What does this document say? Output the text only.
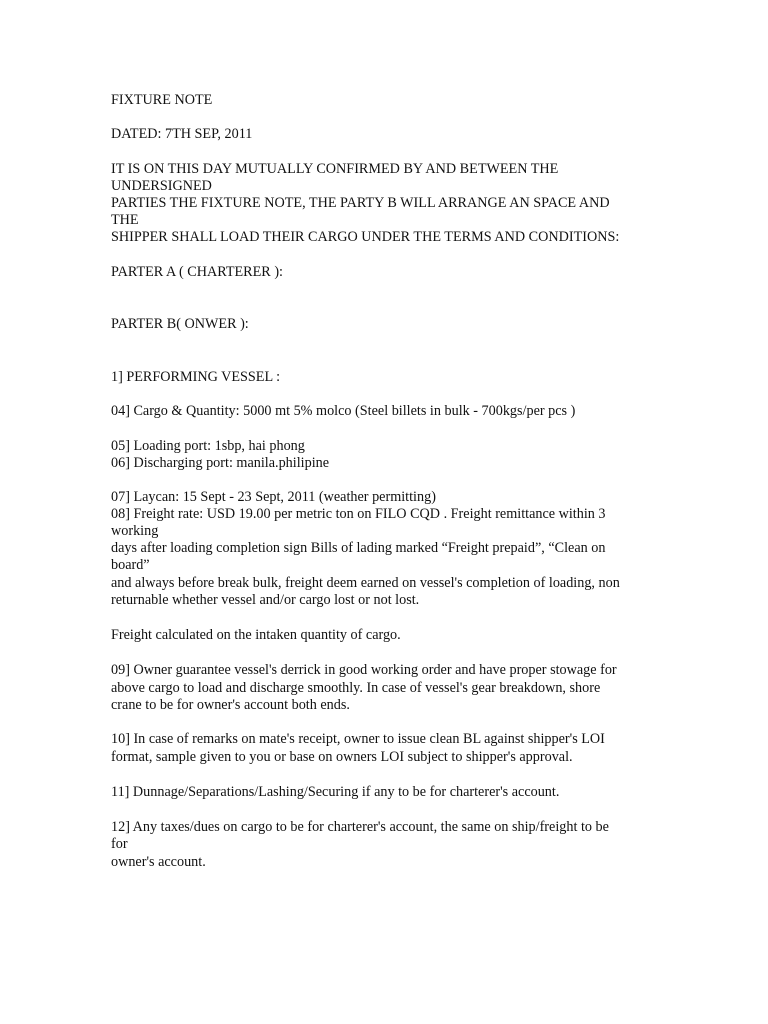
FIXTURE NOTE

DATED: 7TH SEP, 2011

IT IS ON THIS DAY MUTUALLY CONFIRMED BY AND BETWEEN THE

UNDERSIGNED

PARTIES THE FIXTURE NOTE, THE PARTY B WILL ARRANGE AN SPACE AND

THE

SHIPPER SHALL LOAD THEIR CARGO UNDER THE TERMS AND CONDITIONS:

PARTER A ( CHARTERER ):

PARTER B( ONWER ):

1] PERFORMING VESSEL :

04] Cargo & Quantity: 5000 mt 5% molco (Steel billets in bulk - 700kgs/per pcs )

05] Loading port: 1sbp, hai phong

06] Discharging port: manila.philipine

07] Laycan: 15 Sept - 23 Sept, 2011 (weather permitting)

08] Freight rate: USD 19.00 per metric ton on FILO CQD . Freight remittance within 3

working

days after loading completion sign Bills of lading marked “Freight prepaid”, “Clean on

board”

and always before break bulk, freight deem earned on vessel's completion of loading, non

returnable whether vessel and/or cargo lost or not lost.

Freight calculated on the intaken quantity of cargo.

09] Owner guarantee vessel's derrick in good working order and have proper stowage for

above cargo to load and discharge smoothly. In case of vessel's gear breakdown, shore

crane to be for owner's account both ends.

10] In case of remarks on mate's receipt, owner to issue clean BL against shipper's LOI

format, sample given to you or base on owners LOI subject to shipper's approval.

11] Dunnage/Separations/Lashing/Securing if any to be for charterer's account.

12] Any taxes/dues on cargo to be for charterer's account, the same on ship/freight to be

for

owner's account.
